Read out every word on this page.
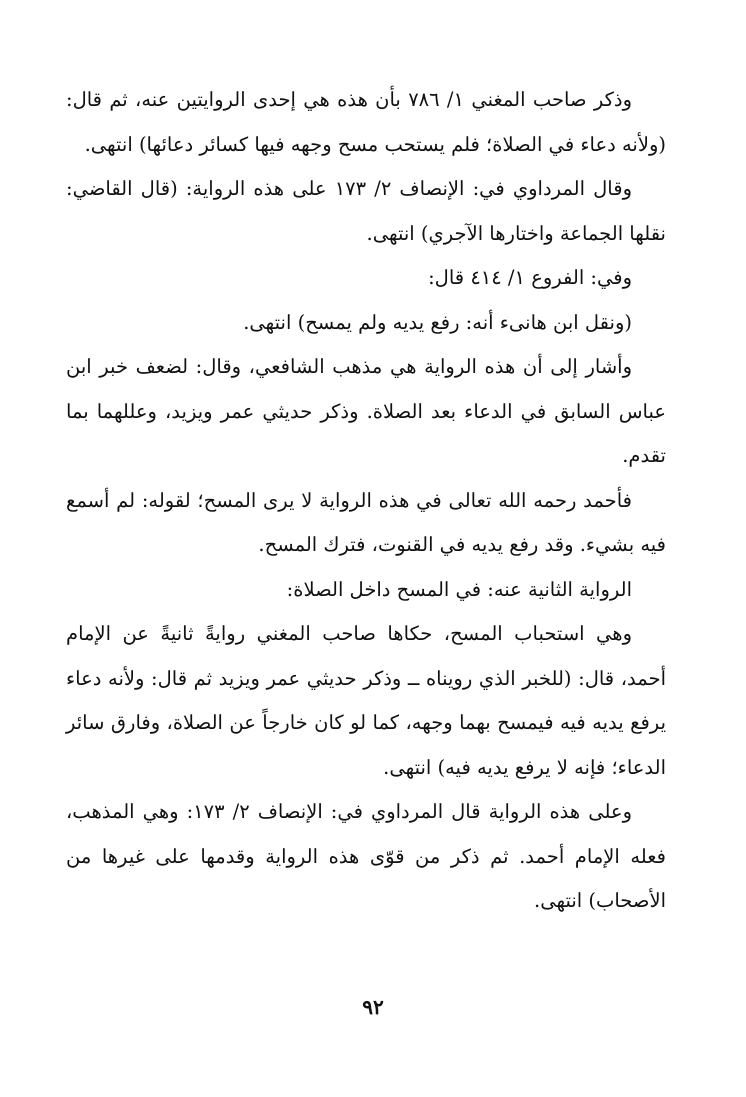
وذكر صاحب المغني ١/ ٧٨٦ بأن هذه هي إحدى الروايتين عنه، ثم قال: (ولأنه دعاء في الصلاة؛ فلم يستحب مسح وجهه فيها كسائر دعائها) انتهى.

وقال المرداوي في: الإنصاف ٢/ ١٧٣ على هذه الرواية: (قال القاضي: نقلها الجماعة واختارها الآجري) انتهى.

وفي: الفروع ١/ ٤١٤ قال:

(ونقل ابن هانىء أنه: رفع يديه ولم يمسح) انتهى.

وأشار إلى أن هذه الرواية هي مذهب الشافعي، وقال: لضعف خبر ابن عباس السابق في الدعاء بعد الصلاة. وذكر حديثي عمر ويزيد، وعللهما بما تقدم.

فأحمد رحمه الله تعالى في هذه الرواية لا يرى المسح؛ لقوله: لم أسمع فيه بشيء. وقد رفع يديه في القنوت، فترك المسح.

الرواية الثانية عنه: في المسح داخل الصلاة:

وهي استحباب المسح، حكاها صاحب المغني روايةً ثانيةً عن الإمام أحمد، قال: (للخبر الذي رويناه ــ وذكر حديثي عمر ويزيد ثم قال: ولأنه دعاء يرفع يديه فيه فيمسح بهما وجهه، كما لو كان خارجاً عن الصلاة، وفارق سائر الدعاء؛ فإنه لا يرفع يديه فيه) انتهى.

وعلى هذه الرواية قال المرداوي في: الإنصاف ٢/ ١٧٣: وهي المذهب، فعله الإمام أحمد. ثم ذكر من قوّى هذه الرواية وقدمها على غيرها من الأصحاب) انتهى.

٩٢
